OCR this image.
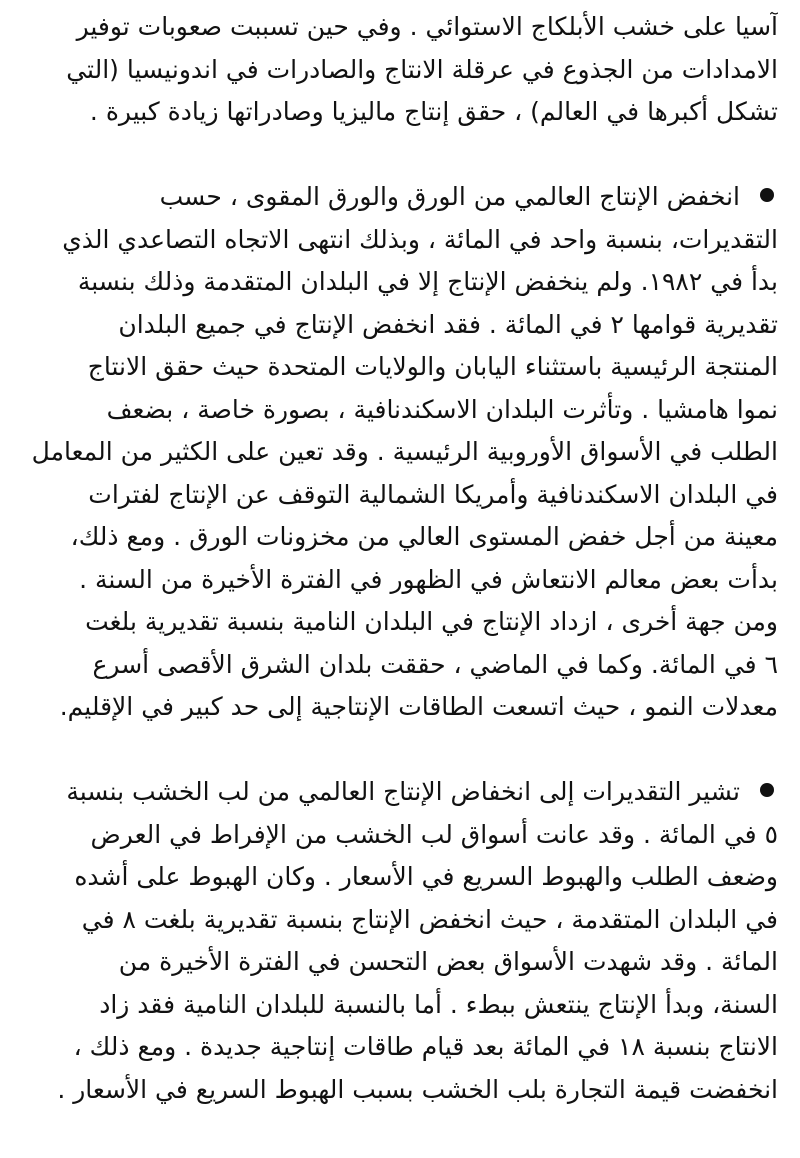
آسيا على خشب الأبلكاج الاستوائي . وفي حين تسببت صعوبات توفير
الامدادات من الجذوع في عرقلة الانتاج والصادرات في اندونيسيا (التي
تشكل أكبرها في العالم) ، حقق إنتاج ماليزيا وصادراتها زيادة كبيرة .
انخفض الإنتاج العالمي من الورق والورق المقوى ، حسب
التقديرات، بنسبة واحد في المائة ، وبذلك انتهى الاتجاه التصاعدي الذي
بدأ في ١٩٨٢. ولم ينخفض الإنتاج إلا في البلدان المتقدمة وذلك بنسبة
تقديرية قوامها ٢ في المائة . فقد انخفض الإنتاج في جميع البلدان
المنتجة الرئيسية باستثناء اليابان والولايات المتحدة حيث حقق الانتاج
نموا هامشيا . وتأثرت البلدان الاسكندنافية ، بصورة خاصة ، بضعف
الطلب في الأسواق الأوروبية الرئيسية . وقد تعين على الكثير من المعامل
في البلدان الاسكندنافية وأمريكا الشمالية التوقف عن الإنتاج لفترات
معينة من أجل خفض المستوى العالي من مخزونات الورق . ومع ذلك،
بدأت بعض معالم الانتعاش في الظهور في الفترة الأخيرة من السنة .
ومن جهة أخرى ، ازداد الإنتاج في البلدان النامية بنسبة تقديرية بلغت
٦ في المائة. وكما في الماضي ، حققت بلدان الشرق الأقصى أسرع
معدلات النمو ، حيث اتسعت الطاقات الإنتاجية إلى حد كبير في الإقليم.
تشير التقديرات إلى انخفاض الإنتاج العالمي من لب الخشب بنسبة
٥ في المائة . وقد عانت أسواق لب الخشب من الإفراط في العرض
وضعف الطلب والهبوط السريع في الأسعار . وكان الهبوط على أشده
في البلدان المتقدمة ، حيث انخفض الإنتاج بنسبة تقديرية بلغت ٨ في
المائة . وقد شهدت الأسواق بعض التحسن في الفترة الأخيرة من
السنة، وبدأ الإنتاج ينتعش ببطء . أما بالنسبة للبلدان النامية فقد زاد
الانتاج بنسبة ١٨ في المائة بعد قيام طاقات إنتاجية جديدة . ومع ذلك ،
انخفضت قيمة التجارة بلب الخشب بسبب الهبوط السريع في الأسعار .
